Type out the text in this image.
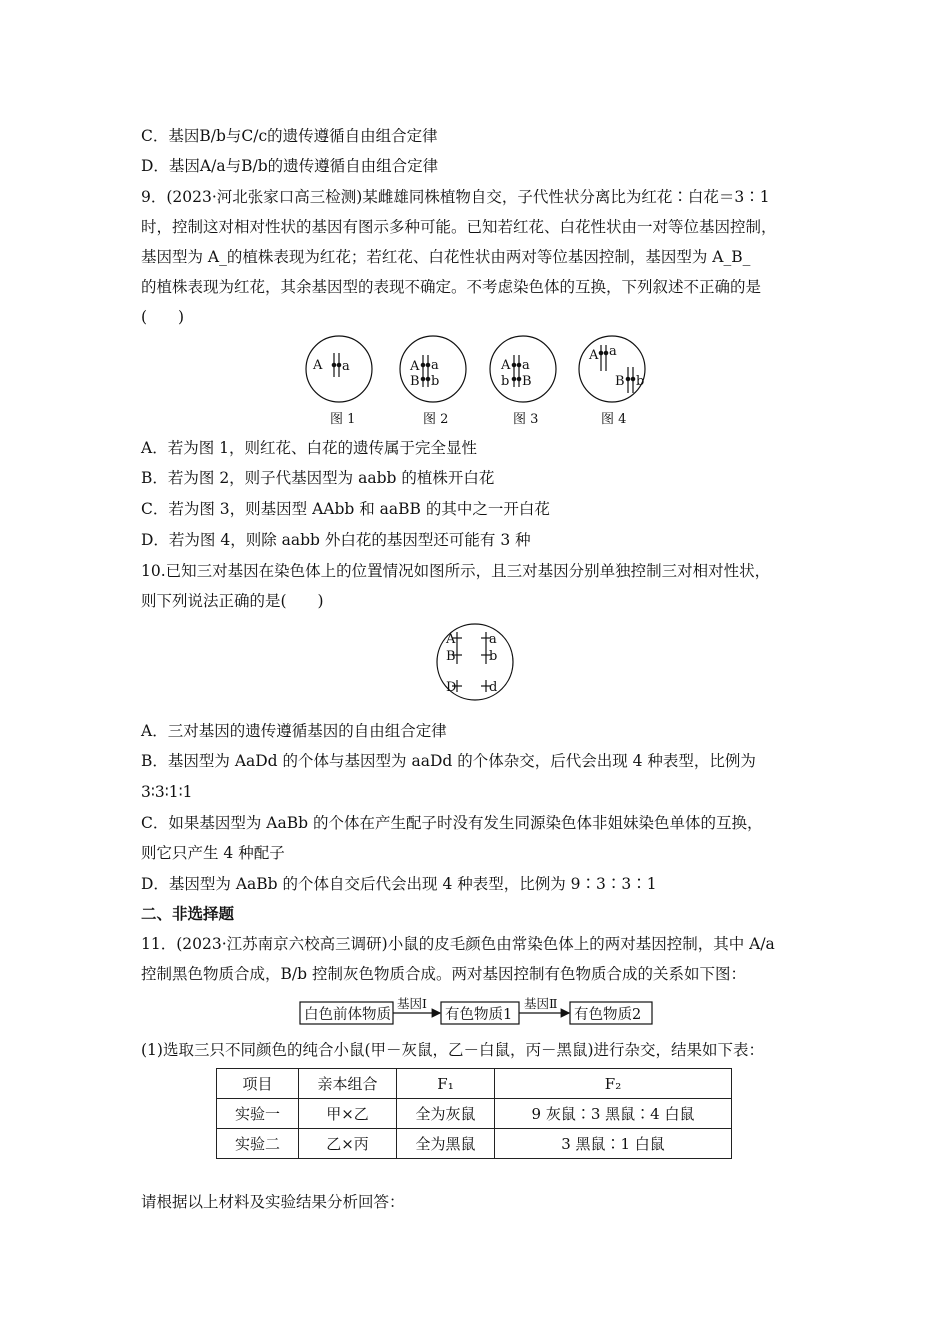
C．基因B/b与C/c的遗传遵循自由组合定律
D．基因A/a与B/b的遗传遵循自由组合定律
9．(2023·河北张家口高三检测)某雌雄同株植物自交，子代性状分离比为红花∶白花＝3∶1
时，控制这对相对性状的基因有图示多种可能。已知若红花、白花性状由一对等位基因控制，
基因型为 A_的植株表现为红花；若红花、白花性状由两对等位基因控制，基因型为 A_B_
的植株表现为红花，其余基因型的表现不确定。不考虑染色体的互换，下列叙述不正确的是
(　　)
A a
图 1
A a
B b
图 2
A a
b B
图 3
A a
B b
图 4
A．若为图 1，则红花、白花的遗传属于完全显性
B．若为图 2，则子代基因型为 aabb 的植株开白花
C．若为图 3，则基因型 AAbb 和 aaBB 的其中之一开白花
D．若为图 4，则除 aabb 外白花的基因型还可能有 3 种
10.已知三对基因在染色体上的位置情况如图所示，且三对基因分别单独控制三对相对性状，
则下列说法正确的是(　　)
A	a
B	b
D	d
A．三对基因的遗传遵循基因的自由组合定律
B．基因型为 AaDd 的个体与基因型为 aaDd 的个体杂交，后代会出现 4 种表型，比例为
3∶3∶1∶1
C．如果基因型为 AaBb 的个体在产生配子时没有发生同源染色体非姐妹染色单体的互换，
则它只产生 4 种配子
D．基因型为 AaBb 的个体自交后代会出现 4 种表型，比例为 9∶3∶3∶1
二、非选择题
11．(2023·江苏南京六校高三调研)小鼠的皮毛颜色由常染色体上的两对基因控制，其中 A/a
控制黑色物质合成，B/b 控制灰色物质合成。两对基因控制有色物质合成的关系如下图：
白色前体物质
基因Ⅰ
有色物质1
基因Ⅱ
有色物质2
(1)选取三只不同颜色的纯合小鼠(甲－灰鼠，乙－白鼠，丙－黑鼠)进行杂交，结果如下表：
项目	亲本组合	F₁	F₂
实验一	甲×乙	全为灰鼠	9 灰鼠∶3 黑鼠∶4 白鼠
实验二	乙×丙	全为黑鼠	3 黑鼠∶1 白鼠
请根据以上材料及实验结果分析回答：
